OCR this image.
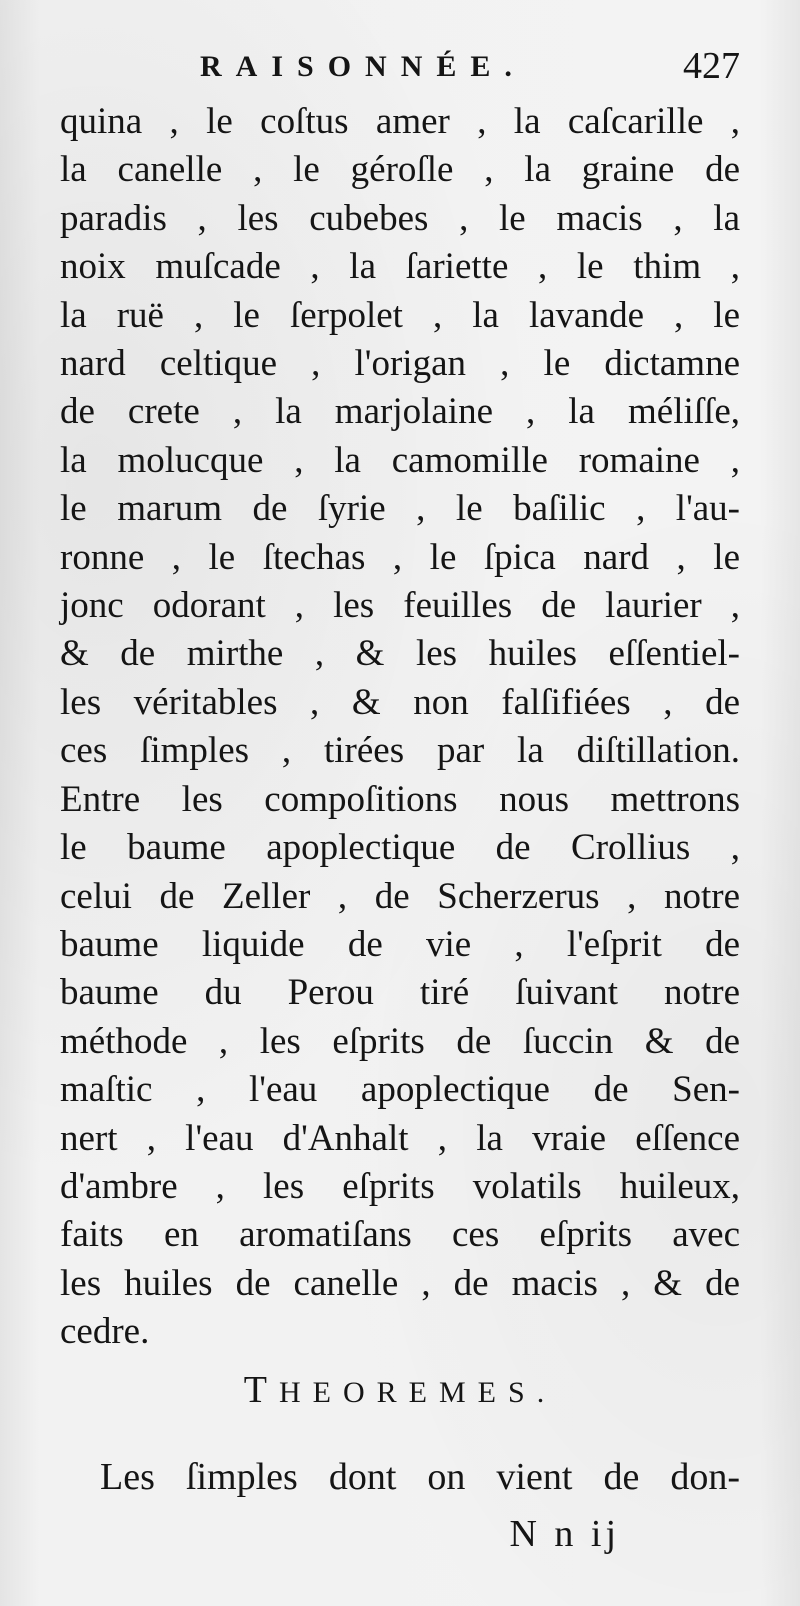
RAISONNÉE.	427
quina , le coſtus amer , la caſcarille ,
la canelle , le géroſle , la graine de
paradis , les cubebes , le macis , la
noix muſcade , la ſariette , le thim ,
la ruë , le ſerpolet , la lavande , le
nard celtique , l'origan , le dictamne
de crete , la marjolaine , la méliſſe,
la molucque , la camomille romaine ,
le marum de ſyrie , le baſilic , l'au-
ronne , le ſtechas , le ſpica nard , le
jonc odorant , les feuilles de laurier ,
& de mirthe , & les huiles eſſentiel-
les véritables , & non falſifiées , de
ces ſimples , tirées par la diſtillation.
Entre les compoſitions nous mettrons
le baume apoplectique de Crollius ,
celui de Zeller , de Scherzerus , notre
baume liquide de vie , l'eſprit de
baume du Perou tiré ſuivant notre
méthode , les eſprits de ſuccin & de
maſtic , l'eau apoplectique de Sen-
nert , l'eau d'Anhalt , la vraie eſſence
d'ambre , les eſprits volatils huileux,
faits en aromatiſans ces eſprits avec
les huiles de canelle , de macis , & de
cedre.
THEOREMES.
Les ſimples dont on vient de don-
N n ij
